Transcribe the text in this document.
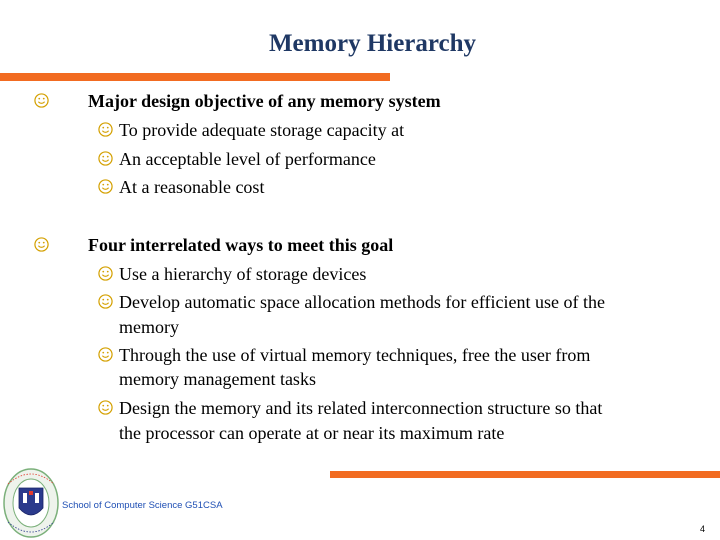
Memory Hierarchy
Major design objective of any memory system
To provide adequate storage capacity at
An acceptable level of performance
At a reasonable cost
Four interrelated ways to meet this goal
Use a hierarchy of storage devices
Develop automatic space allocation methods for efficient use of the
memory
Through the use of virtual memory techniques, free the user from
memory management tasks
Design the memory and its related interconnection structure so that
the processor can operate at or near its maximum rate
School of Computer Science G51CSA
4
